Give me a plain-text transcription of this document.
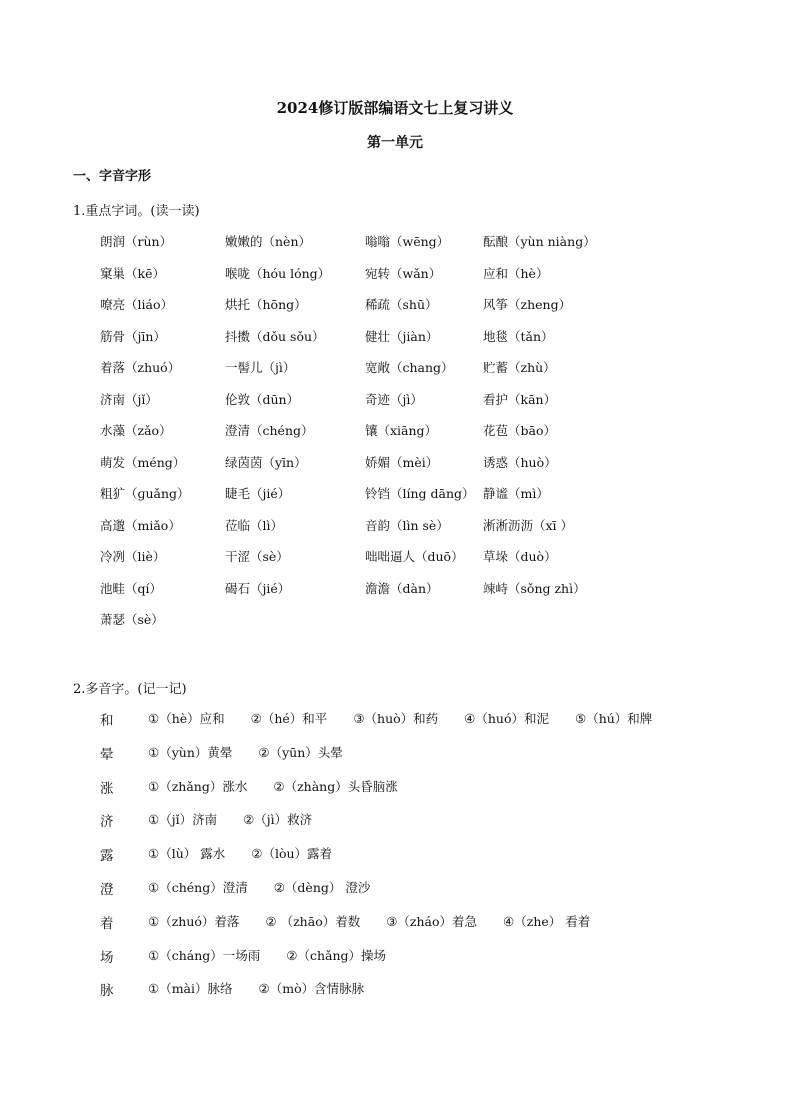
2024修订版部编语文七上复习讲义
第一单元
一、字音字形
1.重点字词。(读一读)
朗润（rùn）	嫩嫩的（nèn）	嗡嗡（wēng）	酝酿（yùn niàng）
窠巢（kē）	喉咙（hóu lóng）	宛转（wǎn）	应和（hè）
嘹亮（liáo）	烘托（hōng）	稀疏（shū）	风筝（zheng）
筋骨（jīn）	抖擞（dǒu sǒu）	健壮（jiàn）	地毯（tǎn）
着落（zhuó）	一髻儿（jì）	宽敞（chang）	贮蓄（zhù）
济南（jǐ）	伦敦（dūn）	奇迹（jì）	看护（kān）
水藻（zǎo）	澄清（chéng）	镶（xiāng）	花苞（bāo）
萌发（méng）	绿茵茵（yīn）	娇媚（mèi）	诱惑（huò）
粗犷（ɡuǎng）	睫毛（jié）	铃铛（líng dāng） 静谧（mì）
高邈（miǎo）	莅临（lì）	音韵（lìn sè）	淅淅沥沥（xī ）
冷冽（liè）	干涩（sè）	咄咄逼人（duō）	草垛（duò）
池畦（qí）	碣石（jié）	澹澹（dàn）	竦峙（sǒng zhì）
萧瑟（sè）
2.多音字。(记一记)
和	①（hè）应和 ②（hé）和平 ③（huò）和药 ④（huó）和泥 ⑤（hú）和牌
晕	①（yùn）黄晕 ②（yūn）头晕
涨	①（zhǎng）涨水 ②（zhàng）头昏脑涨
济	①（jǐ）济南 ②（jì）救济
露	①（lù） 露水 ②（lòu）露着
澄	①（chéng）澄清 ②（dèng） 澄沙
着	①（zhuó）着落 ② （zhāo）着数 ③（zháo）着急 ④（zhe） 看着
场	①（cháng）一场雨 ②（chǎng）操场
脉	①（mài）脉络 ②（mò）含情脉脉
